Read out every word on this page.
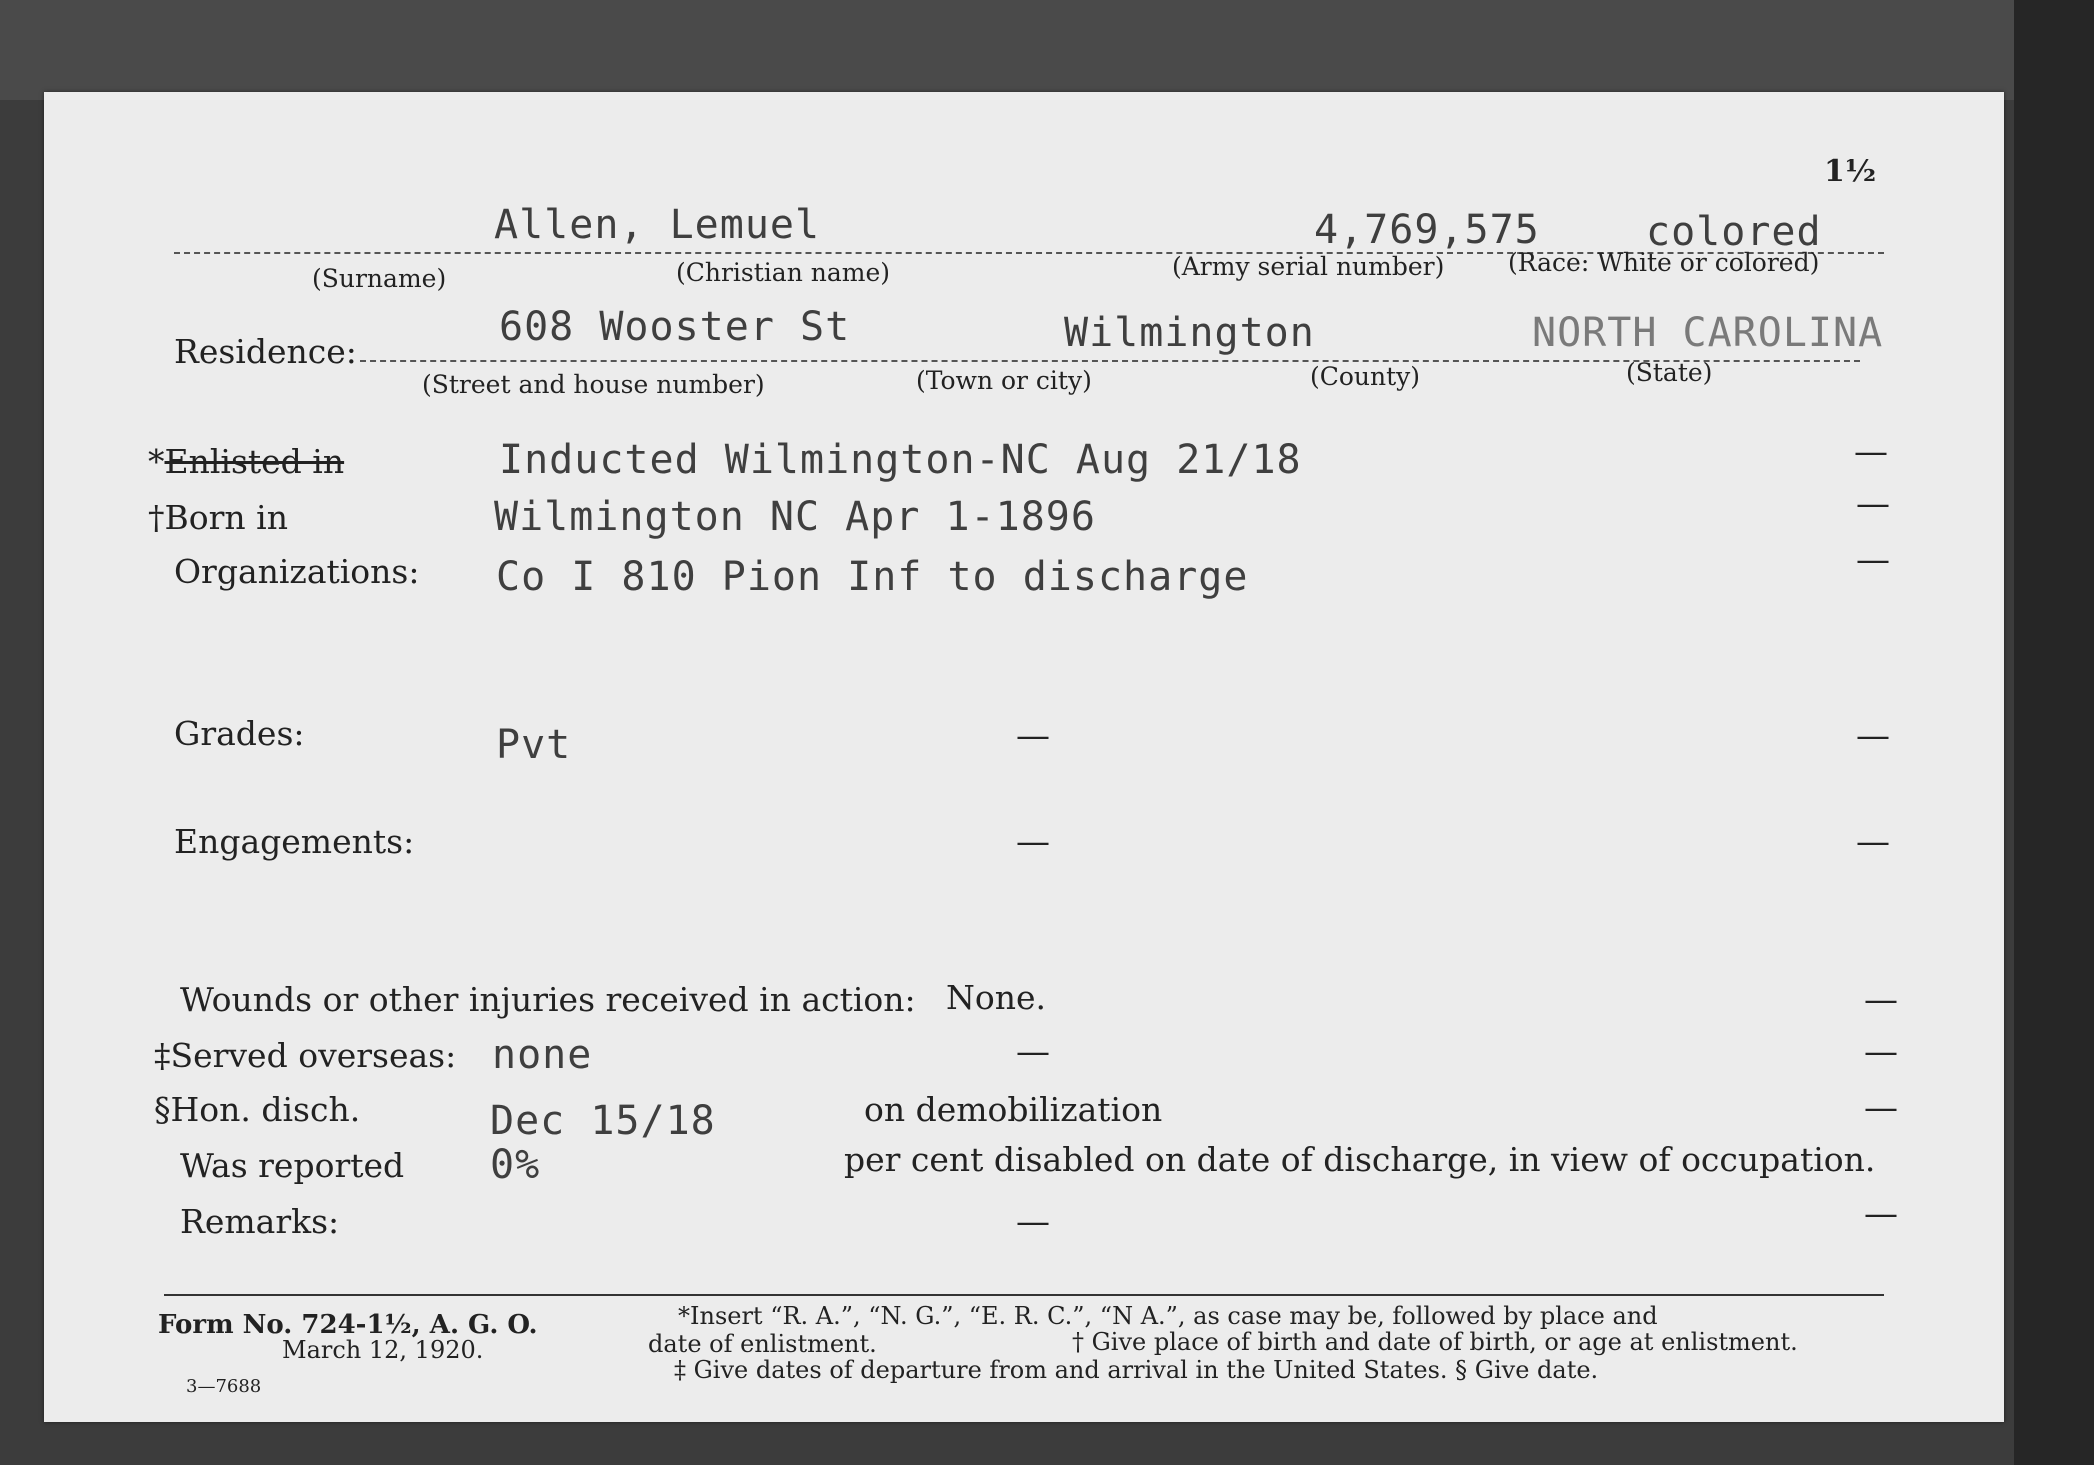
1½
Allen, Lemuel	4,769,575	colored
(Surname)	(Christian name)	(Army serial number)	(Race: White or colored)
Residence:
608 Wooster St	Wilmington	NORTH CAROLINA
(Street and house number)	(Town or city)	(County)	(State)
*Enlisted in	Inducted Wilmington-NC Aug 21/18	—
†Born in	Wilmington NC Apr 1-1896	—
Organizations: Co I 810 Pion Inf to discharge	—
Grades:	Pvt	—	—
Engagements:	—	—
Wounds or other injuries received in action: None.	—
‡Served overseas: none	—	—
§Hon. disch.	Dec 15/18	on demobilization	—
Was reported 0%	per cent disabled on date of discharge, in view of occupation.
Remarks:	—	—
Form No. 724-1½, A. G. O.
March 12, 1920.
3—7688
*Insert “R. A.”, “N. G.”, “E. R. C.”, “N A.”, as case may be, followed by place and
date of enlistment.	† Give place of birth and date of birth, or age at enlistment.
‡ Give dates of departure from and arrival in the United States. § Give date.
